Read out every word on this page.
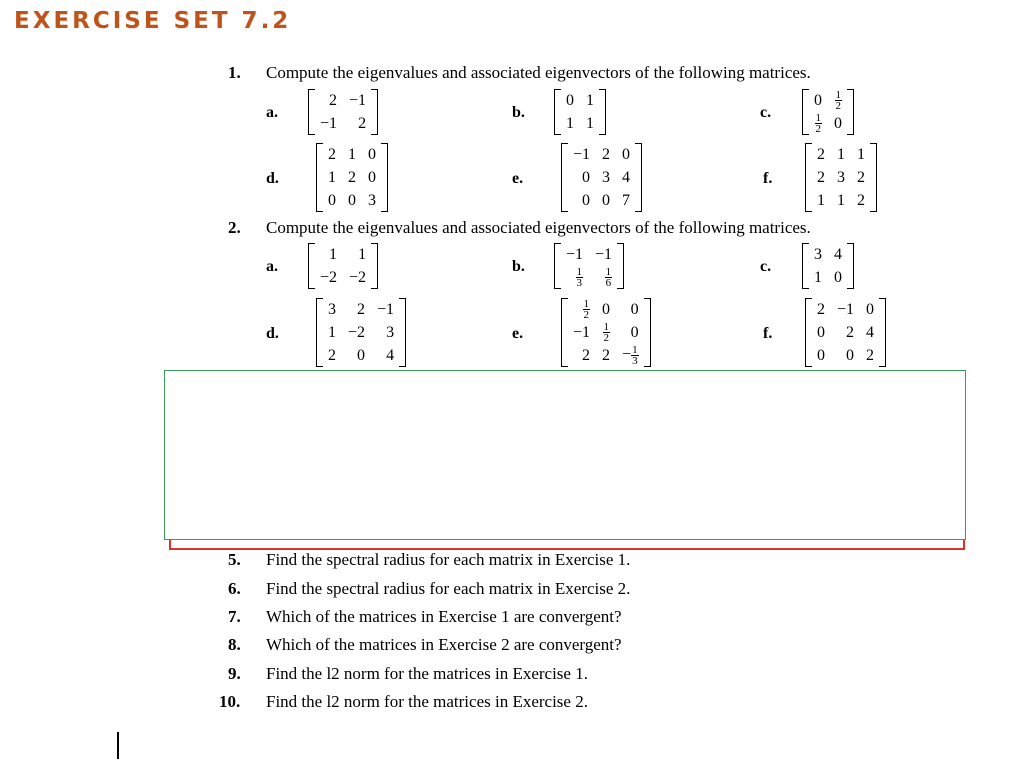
EXERCISE SET 7.2
1. Compute the eigenvalues and associated eigenvectors of the following matrices.
a.
2	−1
−1	2
b.
0	1
1	1
c.
0	$\frac{1}{2}$

$\frac{1}{2}$	0
d.
2	1	0
1	2	0
0	0	3
e.
−1	2	0
0	3	4
0	0	7
f.
2	1	1
2	3	2
1	1	2
2. Compute the eigenvalues and associated eigenvectors of the following matrices.
a.
1	1
−2	−2
b.
−1	−1

$\frac{1}{3}$	$\frac{1}{6}$
c.
3	4
1	0
d.
3	2	−1
1	−2	3
2	0	4
e.
$\frac{1}{2}$	0	0
−1	$\frac{1}{2}$	0
2	2	− $\frac{1}{3}$
f.
2	−1	0
0	2	4
0	0	2
5. Find the spectral radius for each matrix in Exercise 1.
6. Find the spectral radius for each matrix in Exercise 2.
7. Which of the matrices in Exercise 1 are convergent?
8. Which of the matrices in Exercise 2 are convergent?
9. Find the l2 norm for the matrices in Exercise 1.
10. Find the l2 norm for the matrices in Exercise 2.
